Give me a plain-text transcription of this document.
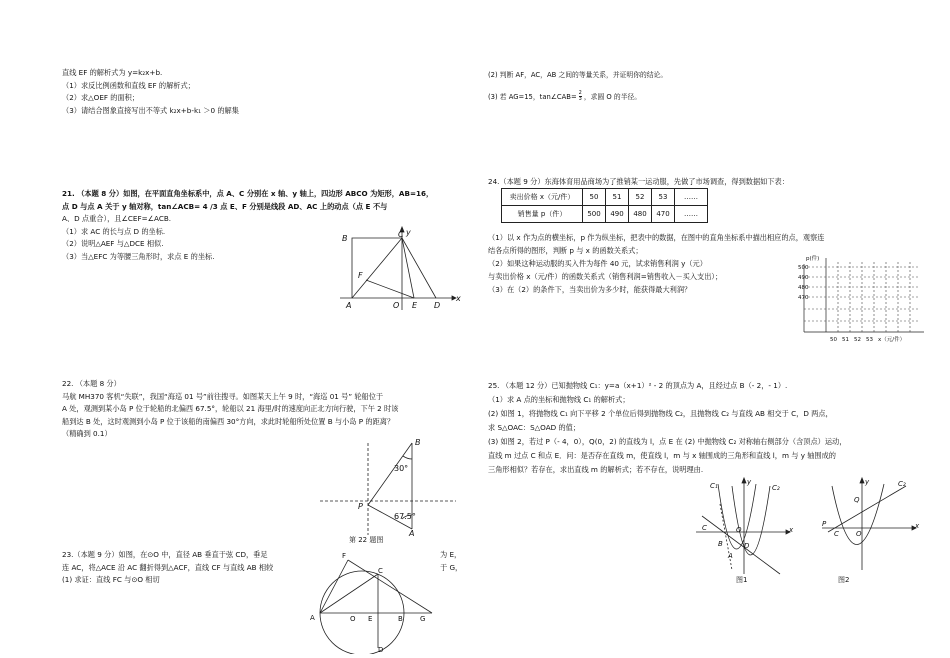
直线 EF 的解析式为 y=k₂x+b.

（1）求反比例函数和直线 EF 的解析式；

（2）求△OEF 的面积；

（3）请结合图象直接写出不等式 k₂x+b-k₁ ＞0 的解集

21. （本题 8 分）如图，在平面直角坐标系中，点 A、C 分别在 x 轴、y 轴上，四边形 ABCO 为矩形，AB=16，

点 D 与点 A 关于 y 轴对称，tan∠ACB= 4 /3 点 E、F 分别是线段 AD、AC 上的动点（点 E 不与

A、D 点重合），且∠CEF=∠ACB.

（1）求 AC 的长与点 D 的坐标.

（2）说明△AEF 与△DCE 相似.

（3）当△EFC 为等腰三角形时，求点 E 的坐标.

B	C y
F
A	O E D
x

22. （本题 8 分）

马航 MH370 客机“失联”，我国“海巡 01 号”前往搜寻。如图某天上午 9 时，“海巡 01 号” 轮船位于

A 处，观测到某小岛 P 位于轮船的北偏西 67.5°，轮船以 21 海里/时的速度向正北方向行驶，下午 2 时该

船到达 B 处，这时观测到小岛 P 位于该船的南偏西 30°方向，求此时轮船所处位置 B 与小岛 P 的距离？

（精确到 0.1）

B
30°
P
67.5°
A
第 22 题图

23.（本题 9 分）如图，在⊙O 中，直径 AB 垂直于弦 CD，垂足

连 AC，将△ACE 沿 AC 翻折得到△ACF，直线 CF 与直线 AB 相较

(1) 求证：直线 FC 与⊙O 相切

为 E，

于 G，

F
C
A	O E	B G
D

(2) 判断 AF，AC，AB 之间的等量关系，并证明你的结论。

(3) 若 AG=15，tan∠CAB= $\frac{2}{3}$ ，求圆 O 的半径。

24.（本题 9 分）东海体育用品商场为了推销某一运动服，先做了市场调查，得到数据如下表：

卖出价格 x（元/件）	50	51	52	53	……
销售量 p（件）	500	490	480	470	……

（1）以 x 作为点的横坐标，p 作为纵坐标，把表中的数据，在图中的直角坐标系中描出相应的点，观察连

结各点所得的图形，判断 p 与 x 的函数关系式；

（2）如果这种运动服的买入件为每件 40 元，试求销售利润 y（元）

与卖出价格 x（元/件）的函数关系式（销售利润=销售收入－买入支出）；

（3）在（2）的条件下，当卖出价为多少时，能获得最大利润？

p(件)
500
490
480
470
50 51 52 53 x（元/件）

25. （本题 12 分）已知抛物线 C₁：y=a（x+1）² - 2 的顶点为 A，且经过点 B（- 2，- 1）.

（1）求 A 点的坐标和抛物线 C₁ 的解析式；

(2) 如图 1，将抛物线 C₁ 向下平移 2 个单位后得到抛物线 C₂，且抛物线 C₂ 与直线 AB 相交于 C，D 两点，

求 S△OAC：S△OAD 的值；

(3) 如图 2，若过 P（- 4，0），Q(0，2) 的直线为 l，点 E 在 (2) 中抛物线 C₂ 对称轴右侧部分（含顶点）运动，

直线 m 过点 C 和点 E．问：是否存在直线 m，使直线 l，m 与 x 轴围成的三角形和直线 l，m 与 y 轴围成的

三角形相似？若存在，求出直线 m 的解析式；若不存在，说明理由.

C₁	C₂
y
x
C	O
B	D
A
图1
y	C₂
Q
P
C O
x
图2
